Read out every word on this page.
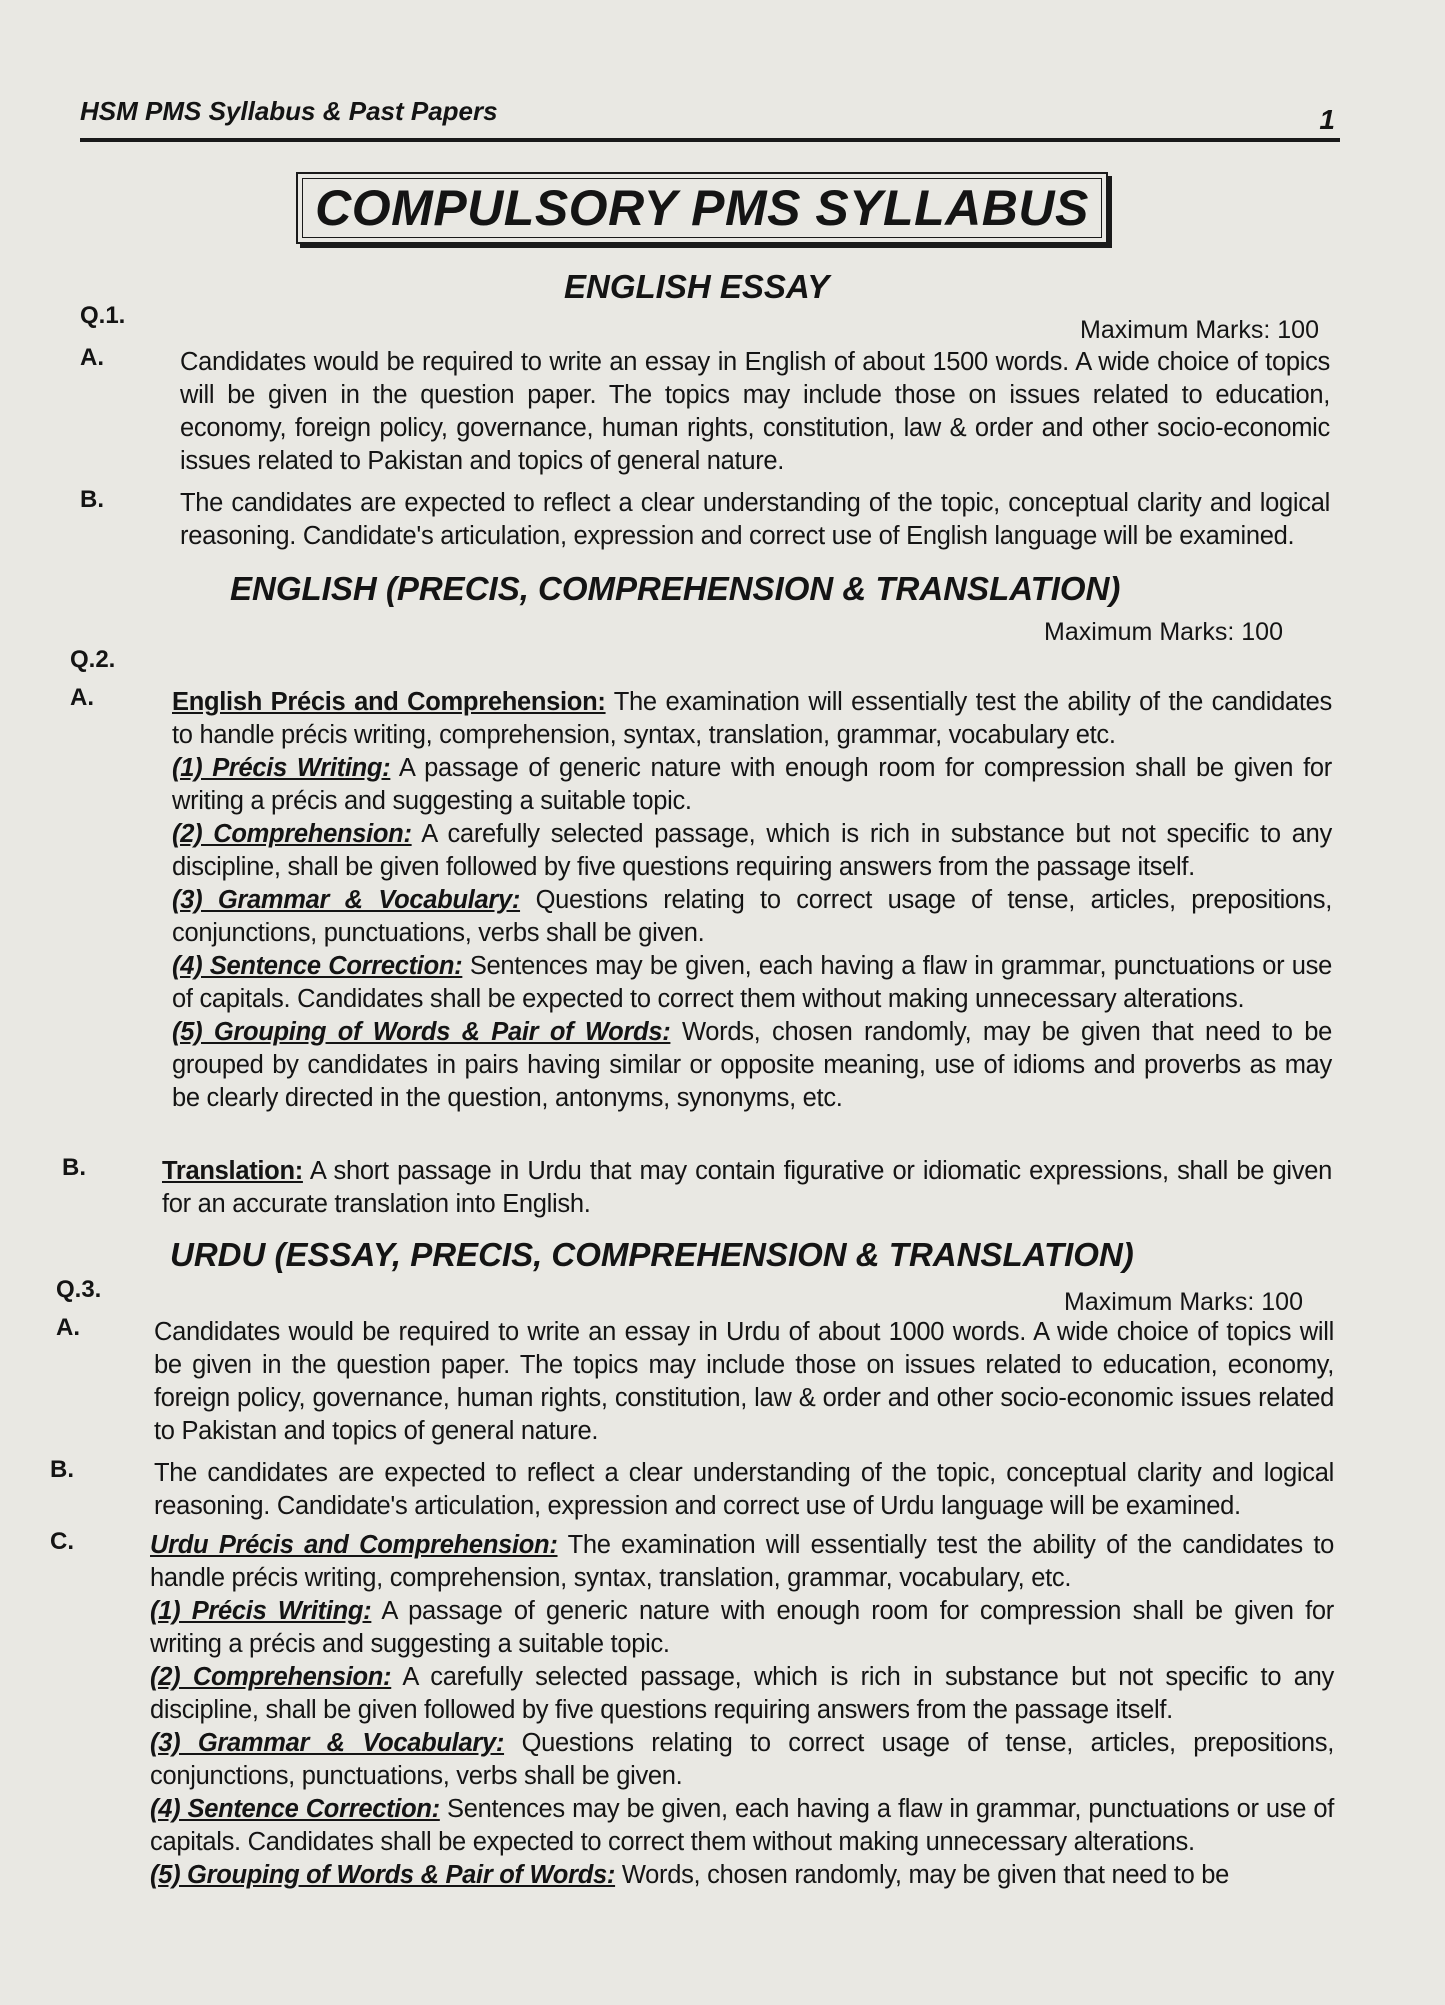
HSM PMS Syllabus & Past Papers	1
COMPULSORY PMS SYLLABUS
ENGLISH ESSAY
Q.1.
Maximum Marks: 100
A.	Candidates would be required to write an essay in English of about 1500 words. A wide choice of topics will be given in the question paper. The topics may include those on issues related to education, economy, foreign policy, governance, human rights, constitution, law & order and other socio-economic issues related to Pakistan and topics of general nature.
B.	The candidates are expected to reflect a clear understanding of the topic, conceptual clarity and logical reasoning. Candidate's articulation, expression and correct use of English language will be examined.
ENGLISH (PRECIS, COMPREHENSION & TRANSLATION)
Maximum Marks: 100
Q.2.
A.	English Précis and Comprehension: The examination will essentially test the ability of the candidates to handle précis writing, comprehension, syntax, translation, grammar, vocabulary etc.
(1) Précis Writing: A passage of generic nature with enough room for compression shall be given for writing a précis and suggesting a suitable topic.
(2) Comprehension: A carefully selected passage, which is rich in substance but not specific to any discipline, shall be given followed by five questions requiring answers from the passage itself.
(3) Grammar & Vocabulary: Questions relating to correct usage of tense, articles, prepositions, conjunctions, punctuations, verbs shall be given.
(4) Sentence Correction: Sentences may be given, each having a flaw in grammar, punctuations or use of capitals. Candidates shall be expected to correct them without making unnecessary alterations.
(5) Grouping of Words & Pair of Words: Words, chosen randomly, may be given that need to be grouped by candidates in pairs having similar or opposite meaning, use of idioms and proverbs as may be clearly directed in the question, antonyms, synonyms, etc.
B.	Translation: A short passage in Urdu that may contain figurative or idiomatic expressions, shall be given for an accurate translation into English.
URDU (ESSAY, PRECIS, COMPREHENSION & TRANSLATION)
Q.3.	Maximum Marks: 100
A.	Candidates would be required to write an essay in Urdu of about 1000 words. A wide choice of topics will be given in the question paper. The topics may include those on issues related to education, economy, foreign policy, governance, human rights, constitution, law & order and other socio-economic issues related to Pakistan and topics of general nature.
B.	The candidates are expected to reflect a clear understanding of the topic, conceptual clarity and logical reasoning. Candidate's articulation, expression and correct use of Urdu language will be examined.
C.	Urdu Précis and Comprehension: The examination will essentially test the ability of the candidates to handle précis writing, comprehension, syntax, translation, grammar, vocabulary, etc.
(1) Précis Writing: A passage of generic nature with enough room for compression shall be given for writing a précis and suggesting a suitable topic.
(2) Comprehension: A carefully selected passage, which is rich in substance but not specific to any discipline, shall be given followed by five questions requiring answers from the passage itself.
(3) Grammar & Vocabulary: Questions relating to correct usage of tense, articles, prepositions, conjunctions, punctuations, verbs shall be given.
(4) Sentence Correction: Sentences may be given, each having a flaw in grammar, punctuations or use of capitals. Candidates shall be expected to correct them without making unnecessary alterations.
(5) Grouping of Words & Pair of Words: Words, chosen randomly, may be given that need to be
